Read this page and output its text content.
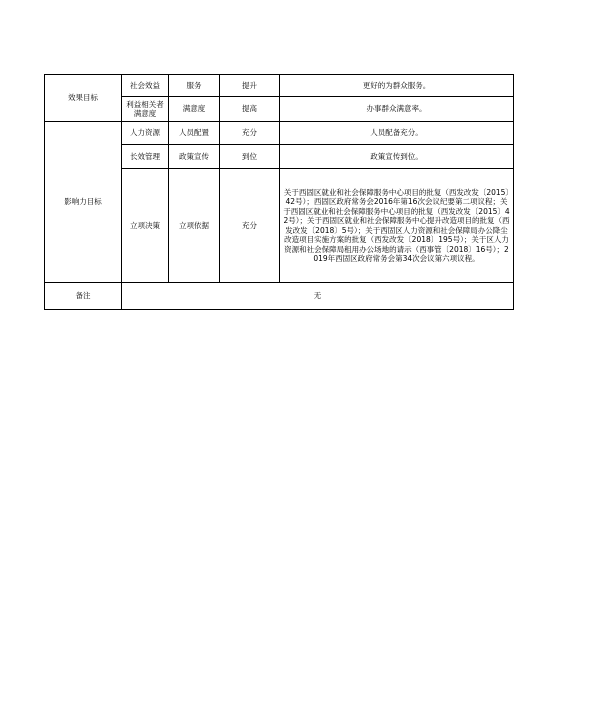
效果目标	社会效益	服务	提升	更好的为群众服务。
	利益相关者满意度	满意度	提高	办事群众满意率。
影响力目标	人力资源	人员配置	充分	人员配备充分。
	长效管理	政策宣传	到位	政策宣传到位。
	立项决策	立项依据	充分	关于西固区就业和社会保障服务中心项目的批复（西发改发〔2015〕42号）；西固区政府常务会2016年第16次会议纪要第二项议程；关于西固区就业和社会保障服务中心项目的批复（西发改发〔2015〕42号）；关于西固区就业和社会保障服务中心提升改造项目的批复（西发改发〔2018〕5号）；关于西固区人力资源和社会保障局办公降尘改造项目实施方案的批复（西发改发〔2018〕195号）；关于区人力资源和社会保障局租用办公场地的请示（西事管〔2018〕16号）；2019年西固区政府常务会第34次会议第六项议程。
备注	无			
